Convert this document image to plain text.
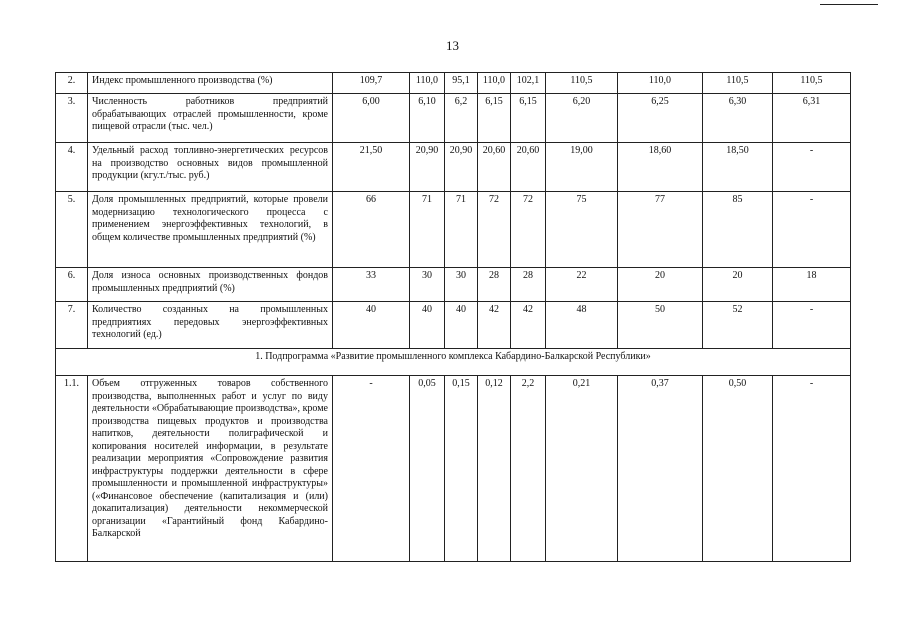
13
2.	Индекс промышленного производства (%)	109,7	110,0	95,1	110,0	102,1	110,5	110,0	110,5	110,5
3.	Численность работников предприятий обрабатывающих отраслей промышленности, кроме пищевой отрасли (тыс. чел.)	6,00	6,10	6,2	6,15	6,15	6,20	6,25	6,30	6,31
4.	Удельный расход топливно-энергетических ресурсов на производство основных видов промышленной продукции (кгу.т./тыс. руб.)	21,50	20,90	20,90	20,60	20,60	19,00	18,60	18,50	-
5.	Доля промышленных предприятий, которые провели модернизацию технологического процесса с применением энергоэффективных технологий, в общем количестве промышленных предприятий (%)	66	71	71	72	72	75	77	85	-
6.	Доля износа основных производственных фондов промышленных предприятий (%)	33	30	30	28	28	22	20	20	18
7.	Количество созданных на промышленных предприятиях передовых энергоэффективных технологий (ед.)	40	40	40	42	42	48	50	52	-
1. Подпрограмма «Развитие промышленного комплекса Кабардино-Балкарской Республики»										
1.1.	Объем отгруженных товаров собственного производства, выполненных работ и услуг по виду деятельности «Обрабатывающие производства», кроме производства пищевых продуктов и производства напитков, деятельности полиграфической и копирования носителей информации, в результате реализации мероприятия «Сопровождение развития инфраструктуры поддержки деятельности в сфере промышленности и промышленной инфраструктуры» («Финансовое обеспечение (капитализация и (или) докапитализация) деятельности некоммерческой организации «Гарантийный фонд Кабардино-Балкарской	-	0,05	0,15	0,12	2,2	0,21	0,37	0,50	-
